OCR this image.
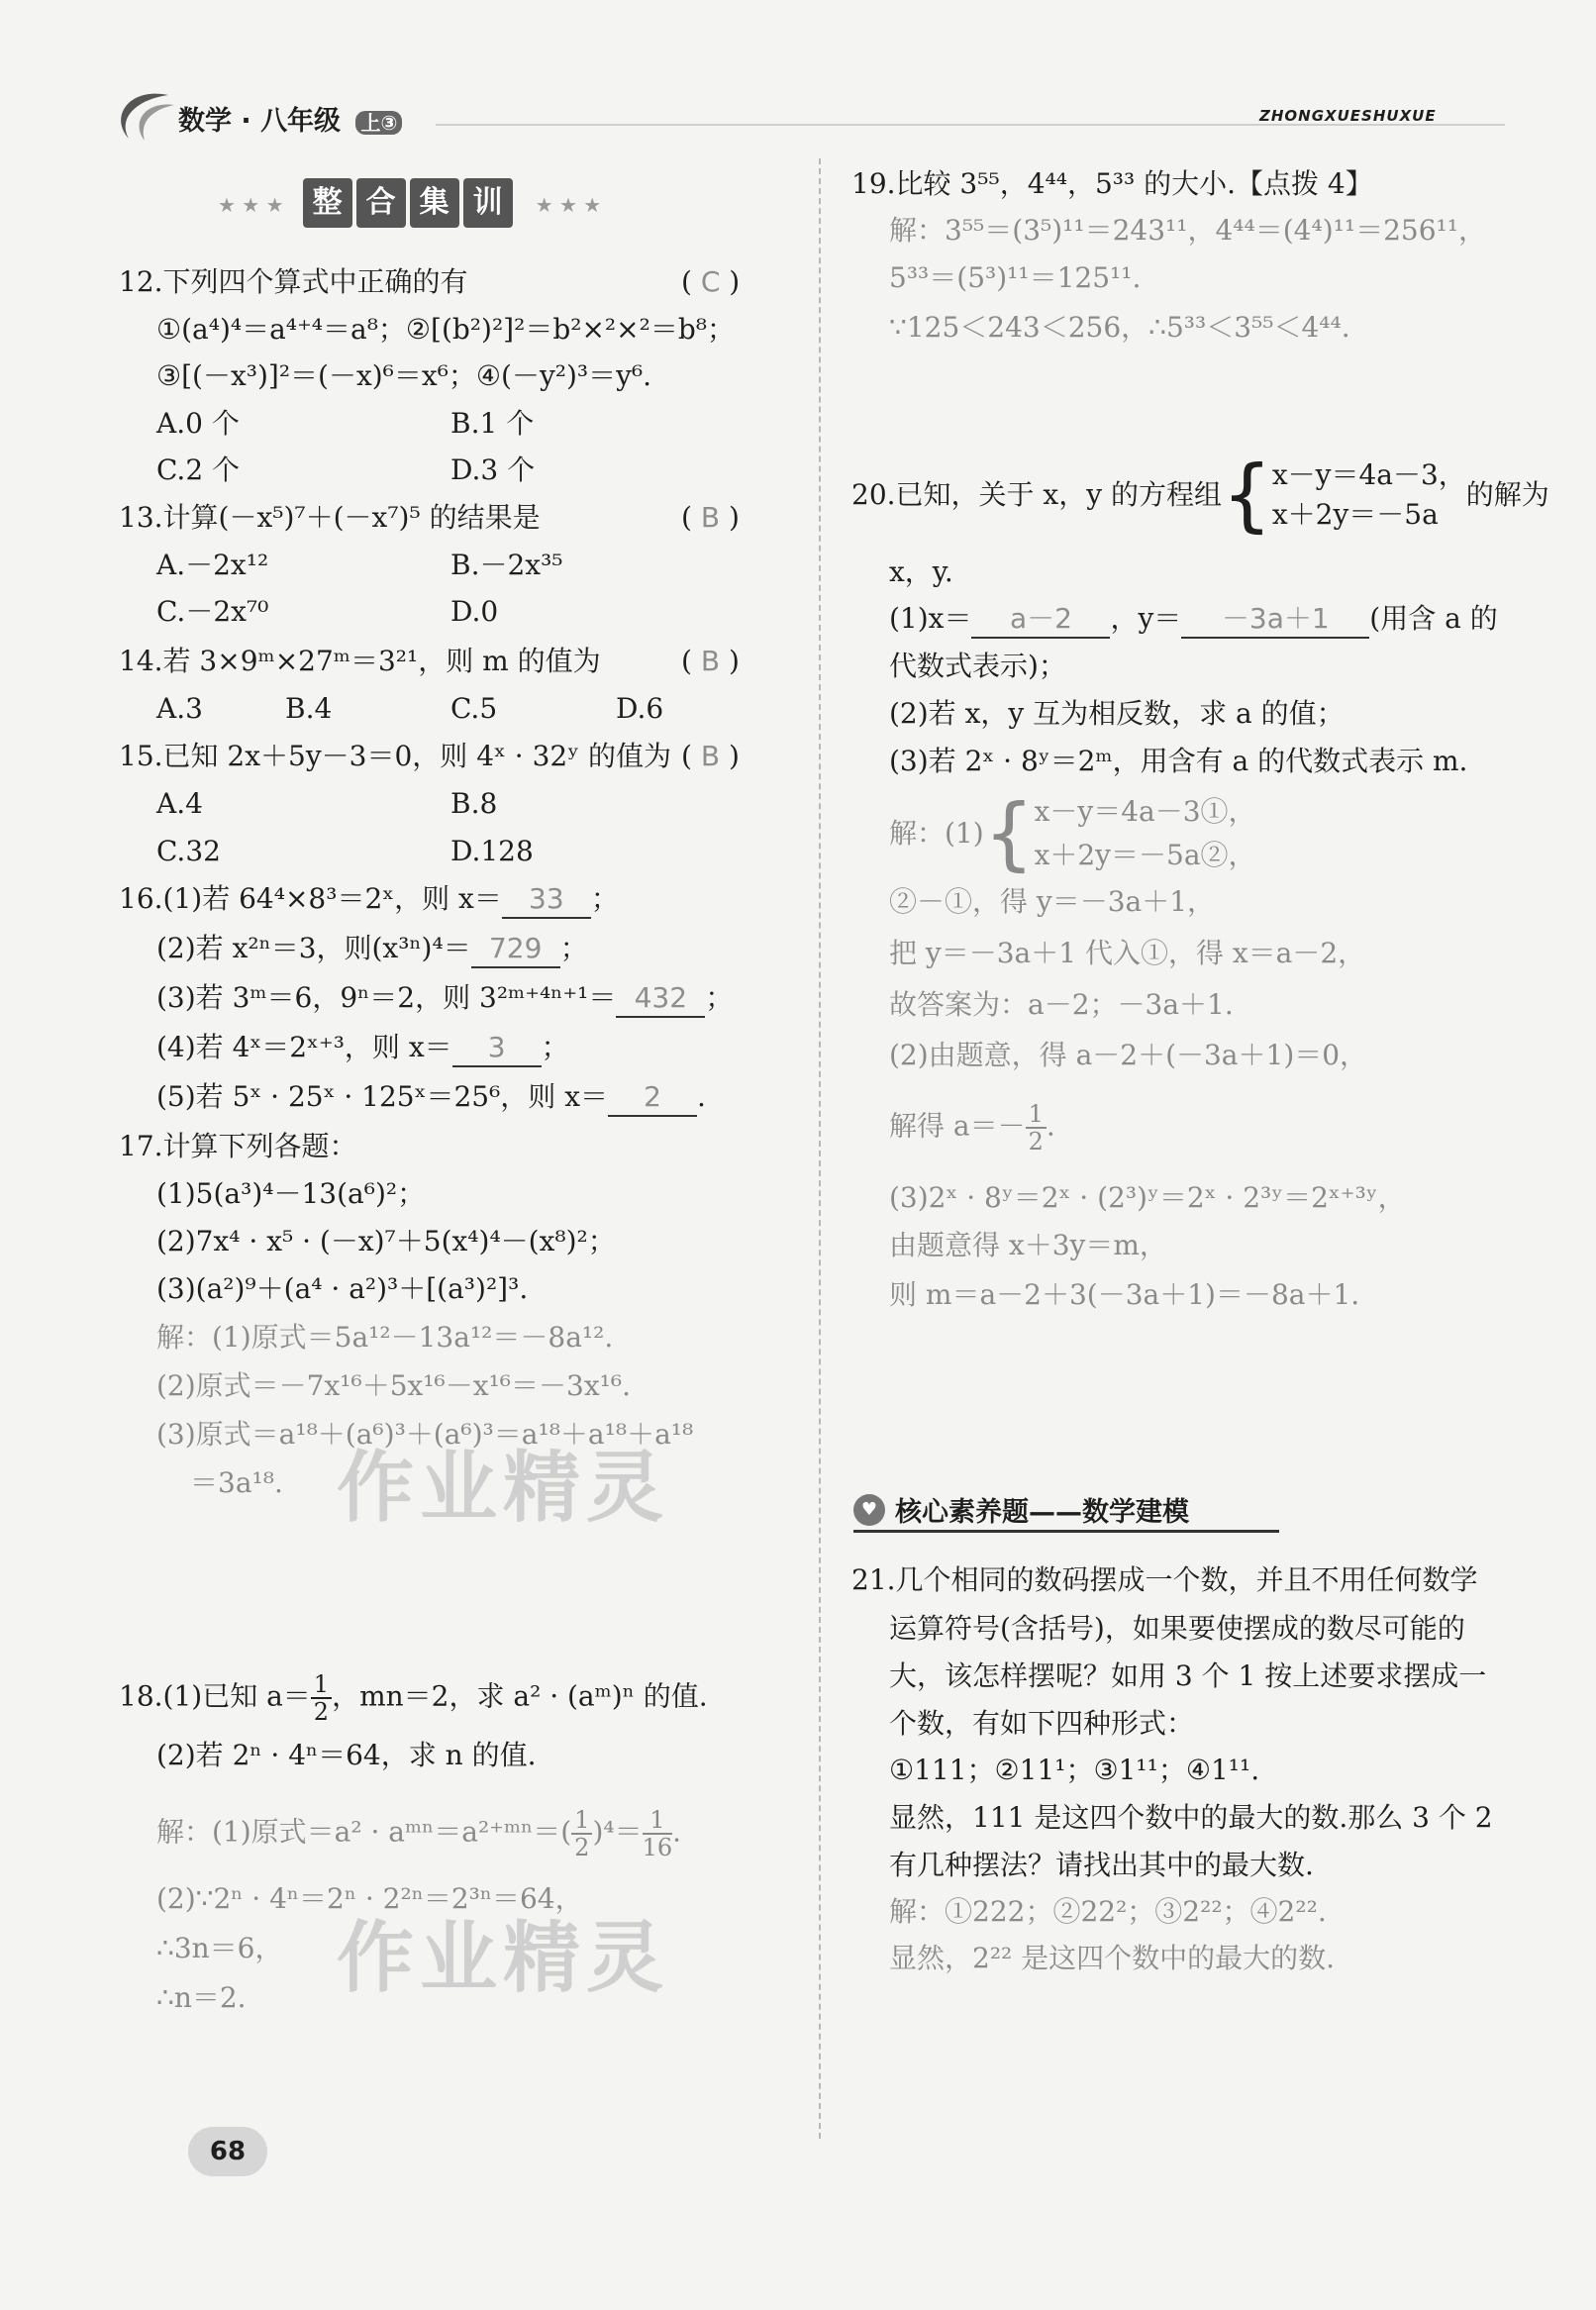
数学 · 八年级 上③	ZHONGXUESHUXUE
★ ★ ★ 整 合 集 训 ★ ★ ★
12.下列四个算式中正确的有	( C )
①(a⁴)⁴＝a⁴⁺⁴＝a⁸；②[(b²)²]²＝b²×²×²＝b⁸；
③[(－x³)]²＝(－x)⁶＝x⁶；④(－y²)³＝y⁶.
A.0 个	B.1 个
C.2 个	D.3 个
13.计算(－x⁵)⁷＋(－x⁷)⁵ 的结果是	( B )
A.－2x¹²	B.－2x³⁵
C.－2x⁷⁰	D.0
14.若 3×9ᵐ×27ᵐ＝3²¹，则 m 的值为	( B )
A.3	B.4	C.5	D.6
15.已知 2x＋5y－3＝0，则 4ˣ · 32ʸ 的值为 ( B )
A.4	B.8
C.32	D.128
16.(1)若 64⁴×8³＝2ˣ，则 x＝ 33 ；
(2)若 x²ⁿ＝3，则(x³ⁿ)⁴＝ 729 ；
(3)若 3ᵐ＝6，9ⁿ＝2，则 3²ᵐ⁺⁴ⁿ⁺¹＝ 432 ；
(4)若 4ˣ＝2ˣ⁺³，则 x＝ 3 ；
(5)若 5ˣ · 25ˣ · 125ˣ＝25⁶，则 x＝ 2 .
17.计算下列各题：
(1)5(a³)⁴－13(a⁶)²；
(2)7x⁴ · x⁵ · (－x)⁷＋5(x⁴)⁴－(x⁸)²；
(3)(a²)⁹＋(a⁴ · a²)³＋[(a³)²]³.
解：(1)原式＝5a¹²－13a¹²＝－8a¹².
(2)原式＝－7x¹⁶＋5x¹⁶－x¹⁶＝－3x¹⁶.
(3)原式＝a¹⁸＋(a⁶)³＋(a⁶)³＝a¹⁸＋a¹⁸＋a¹⁸
＝3a¹⁸. 作业精灵
18.(1)已知 $a= \frac{1}{2}$，mn＝2，求 a² · (aᵐ)ⁿ 的值.
(2)若 2ⁿ · 4ⁿ＝64，求 n 的值.
解：(1)原式＝a² · aᵐⁿ＝a²⁺ᵐⁿ＝( $\frac{1}{2})^4= \frac{1}{16}$.
(2)∵2ⁿ · 4ⁿ＝2ⁿ · 2²ⁿ＝2³ⁿ＝64，
∴3n＝6，
∴n＝2. 作业精灵
68
19.比较 3⁵⁵，4⁴⁴，5³³ 的大小.【点拨 4】
解：3⁵⁵＝(3⁵)¹¹＝243¹¹，4⁴⁴＝(4⁴)¹¹＝256¹¹，
5³³＝(5³)¹¹＝125¹¹.
∵125＜243＜256，∴5³³＜3⁵⁵＜4⁴⁴.
20.已知，关于 x，y 的方程组{x－y＝4a－3，
x＋2y＝－5a的解为
x，y.
(1)x＝ a－2 ，y＝ －3a＋1 (用含 a 的
代数式表示)；
(2)若 x，y 互为相反数，求 a 的值；
(3)若 2ˣ · 8ʸ＝2ᵐ，用含有 a 的代数式表示 m.
解：(1){x－y＝4a－3①，
x＋2y＝－5a②，
②－①，得 y＝－3a＋1，
把 y＝－3a＋1 代入①，得 x＝a－2，
故答案为：a－2；－3a＋1.
(2)由题意，得 a－2＋(－3a＋1)＝0，
解得 $a=- \frac{1}{2}$.
(3)2ˣ · 8ʸ＝2ˣ · (2³)ʸ＝2ˣ · 2³ʸ＝2ˣ⁺³ʸ，
由题意得 x＋3y＝m，
则 m＝a－2＋3(－3a＋1)＝－8a＋1.
♥ 核心素养题——数学建模
21.几个相同的数码摆成一个数，并且不用任何数学
运算符号(含括号)，如果要使摆成的数尽可能的
大，该怎样摆呢？如用 3 个 1 按上述要求摆成一
个数，有如下四种形式：
①111；②11¹；③1¹¹；④1¹¹.
显然，111 是这四个数中的最大的数.那么 3 个 2
有几种摆法？请找出其中的最大数.
解：①222；②22²；③2²²；④2²².
显然，2²² 是这四个数中的最大的数.
